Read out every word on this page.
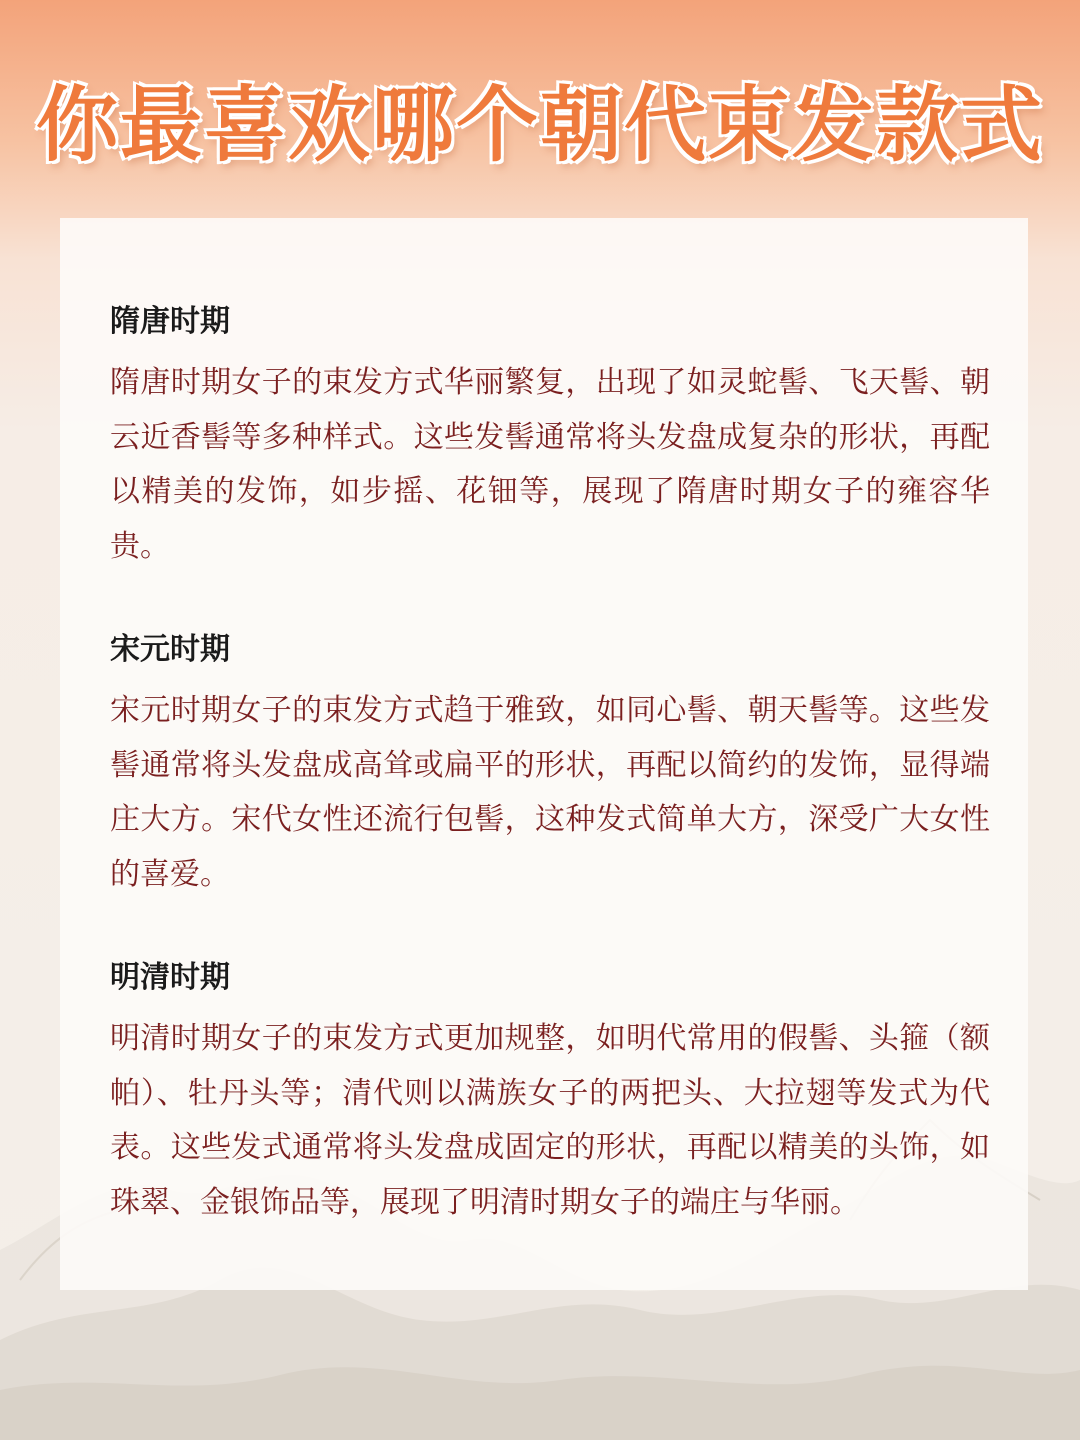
你最喜欢哪个朝代束发款式
隋唐时期

隋唐时期女子的束发方式华丽繁复，出现了如灵蛇髻、飞天髻、朝云近香髻等多种样式。这些发髻通常将头发盘成复杂的形状，再配以精美的发饰，如步摇、花钿等，展现了隋唐时期女子的雍容华贵。

宋元时期

宋元时期女子的束发方式趋于雅致，如同心髻、朝天髻等。这些发髻通常将头发盘成高耸或扁平的形状，再配以简约的发饰，显得端庄大方。宋代女性还流行包髻，这种发式简单大方，深受广大女性的喜爱。

明清时期

明清时期女子的束发方式更加规整，如明代常用的假髻、头箍（额帕）、牡丹头等；清代则以满族女子的两把头、大拉翅等发式为代表。这些发式通常将头发盘成固定的形状，再配以精美的头饰，如珠翠、金银饰品等，展现了明清时期女子的端庄与华丽。
